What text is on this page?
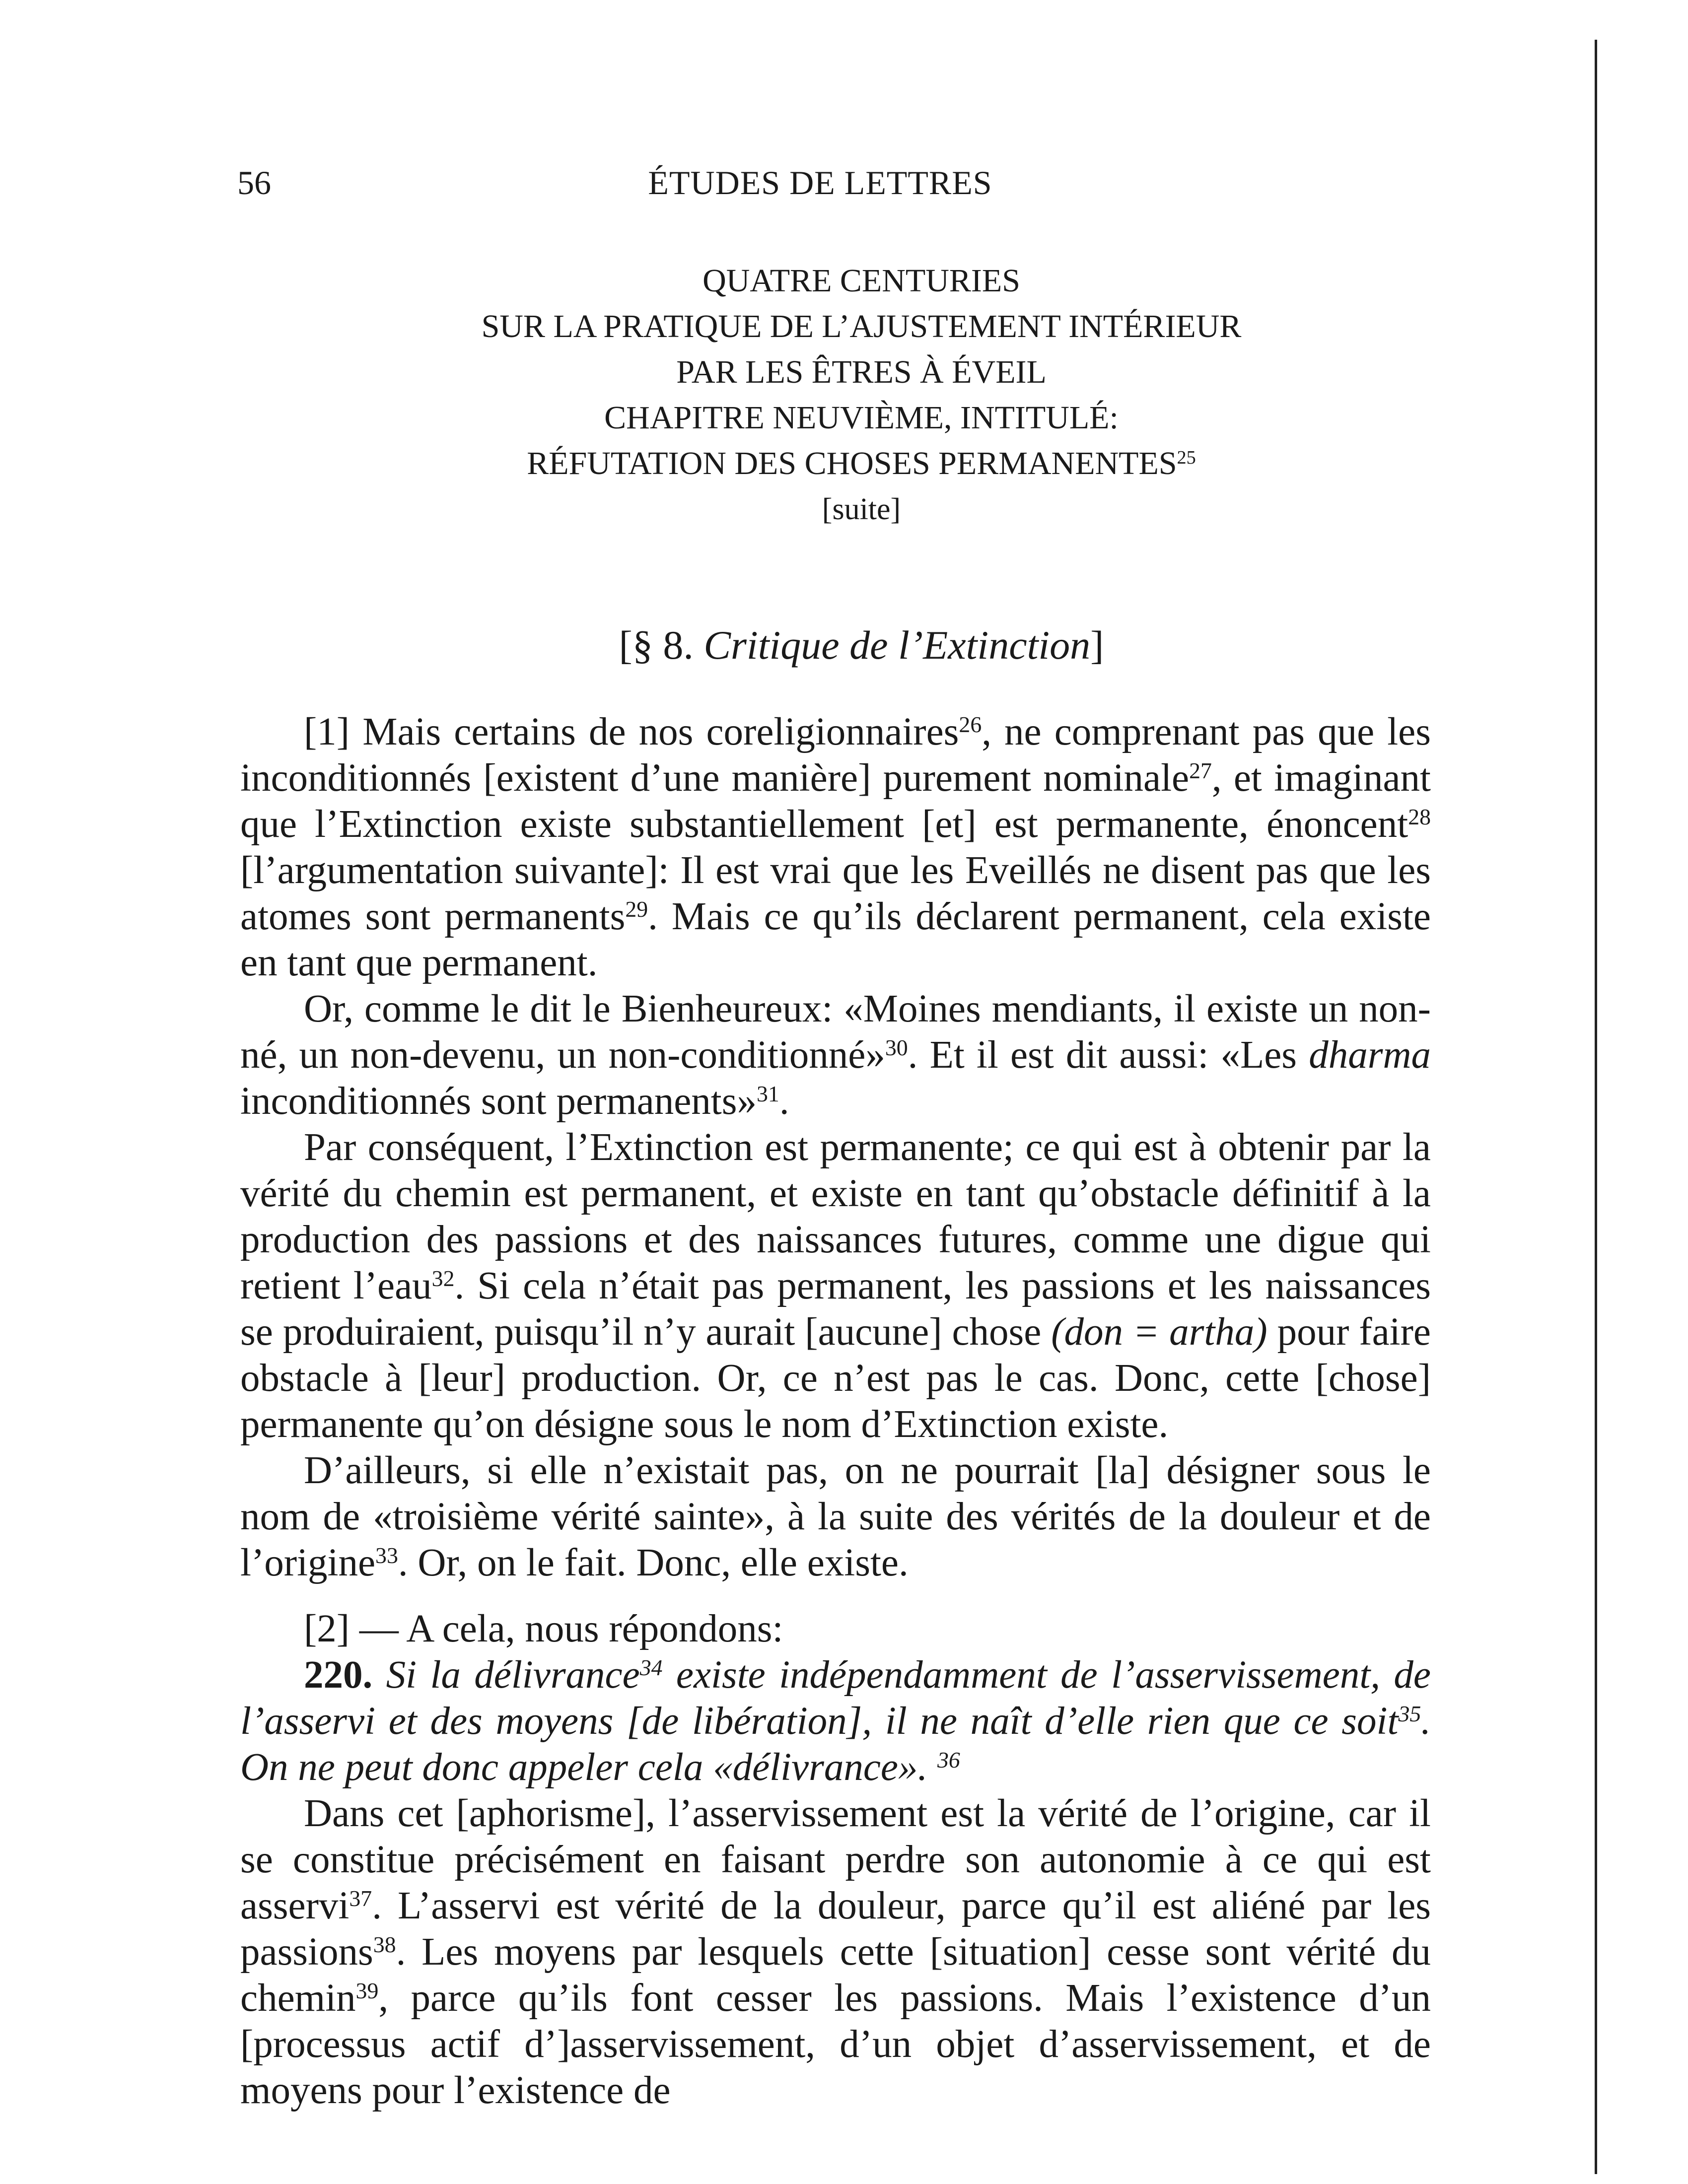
56	ÉTUDES DE LETTRES
QUATRE CENTURIES
SUR LA PRATIQUE DE L’AJUSTEMENT INTÉRIEUR
PAR LES ÊTRES À ÉVEIL
CHAPITRE NEUVIÈME, INTITULÉ:
RÉFUTATION DES CHOSES PERMANENTES$^{25}$
[suite]
[§ 8. Critique de l’Extinction]

[1] Mais certains de nos coreligionnaires$^{26}$, ne comprenant pas que les inconditionnés [existent d’une manière] purement nominale$^{27}$, et imaginant que l’Extinction existe substantiellement [et] est permanente, énoncent$^{28}$ [l’argumentation suivante]: Il est vrai que les Eveillés ne disent pas que les atomes sont permanents$^{29}$. Mais ce qu’ils déclarent permanent, cela existe en tant que permanent.

Or, comme le dit le Bienheureux: «Moines mendiants, il existe un non-né, un non-devenu, un non-conditionné»$^{30}$. Et il est dit aussi: «Les dharma inconditionnés sont permanents»$^{31}$.

Par conséquent, l’Extinction est permanente; ce qui est à obtenir par la vérité du chemin est permanent, et existe en tant qu’obstacle définitif à la production des passions et des naissances futures, comme une digue qui retient l’eau$^{32}$. Si cela n’était pas permanent, les passions et les naissances se produiraient, puisqu’il n’y aurait [aucune] chose (don = artha) pour faire obstacle à [leur] production. Or, ce n’est pas le cas. Donc, cette [chose] permanente qu’on désigne sous le nom d’Extinction existe.

D’ailleurs, si elle n’existait pas, on ne pourrait [la] désigner sous le nom de «troisième vérité sainte», à la suite des vérités de la douleur et de l’origine$^{33}$. Or, on le fait. Donc, elle existe.

[2] — A cela, nous répondons:

220. Si la délivrance$^{34}$ existe indépendamment de l’asservissement, de l’asservi et des moyens [de libération], il ne naît d’elle rien que ce soit$^{35}$. On ne peut donc appeler cela «délivrance». $^{36}$

Dans cet [aphorisme], l’asservissement est la vérité de l’origine, car il se constitue précisément en faisant perdre son autonomie à ce qui est asservi$^{37}$. L’asservi est vérité de la douleur, parce qu’il est aliéné par les passions$^{38}$. Les moyens par lesquels cette [situation] cesse sont vérité du chemin$^{39}$, parce qu’ils font cesser les passions. Mais l’existence d’un [processus actif d’]asservissement, d’un objet d’asservissement, et de moyens pour l’existence de
